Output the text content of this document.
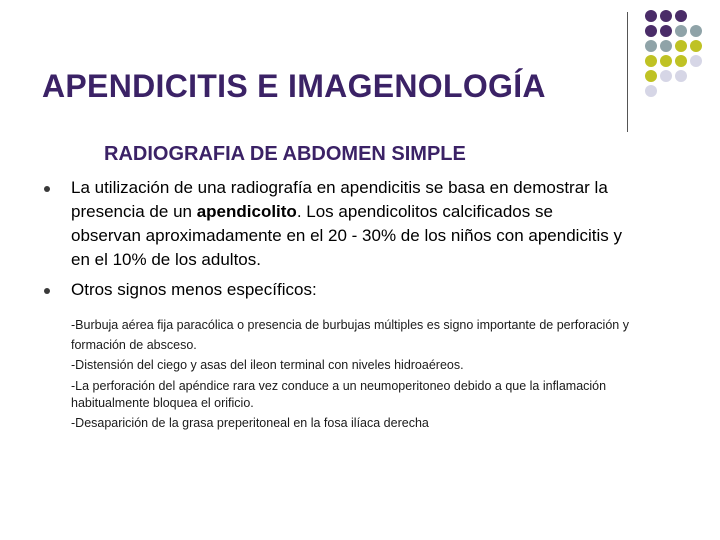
APENDICITIS E IMAGENOLOGÍA
RADIOGRAFIA DE ABDOMEN SIMPLE
La utilización de una radiografía en apendicitis se basa en demostrar la presencia de un apendicolito. Los apendicolitos calcificados se observan aproximadamente en el 20 - 30% de los niños con apendicitis y en el 10% de los adultos.
Otros signos menos específicos:

-Burbuja aérea fija paracólica o presencia de burbujas múltiples es signo importante de perforación y formación de absceso.

-Distensión del ciego y asas del ileon terminal con niveles hidroaéreos.

-La perforación del apéndice rara vez conduce a un neumoperitoneo debido a que la inflamación habitualmente bloquea el orificio.

-Desaparición de la grasa preperitoneal en la fosa ilíaca derecha
